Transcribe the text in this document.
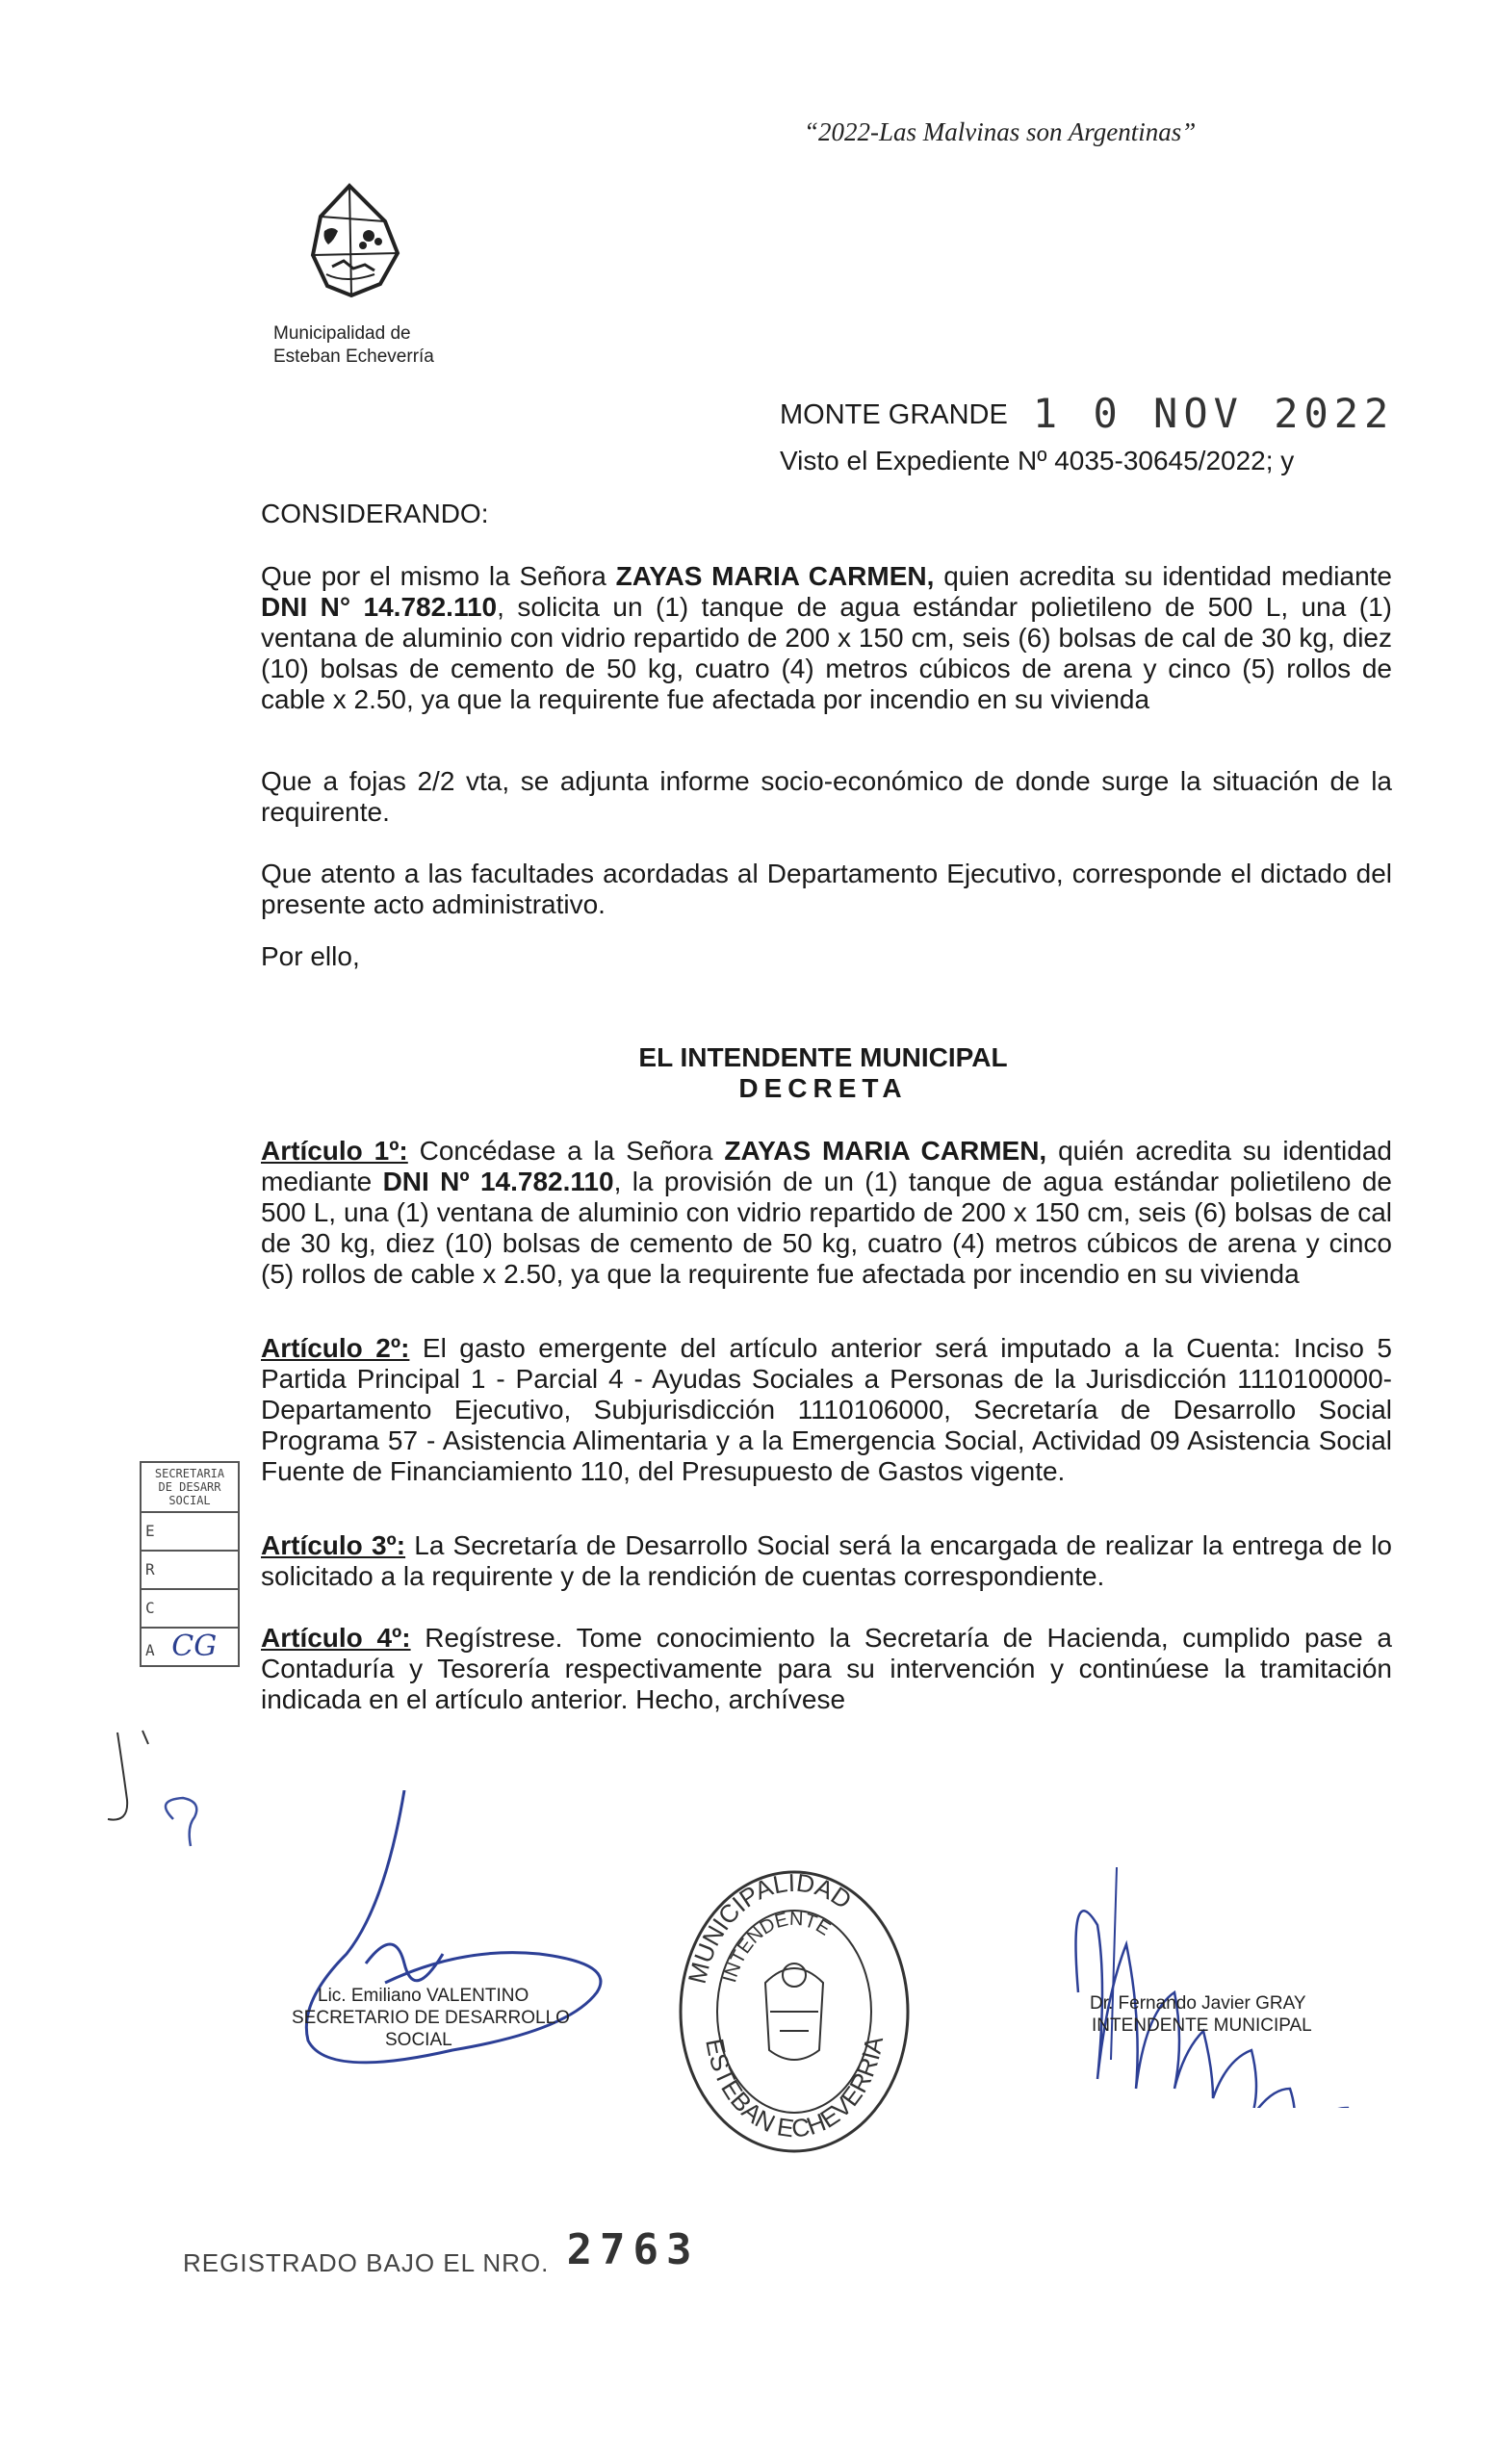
“2022-Las Malvinas son Argentinas”
Municipalidad de
Esteban Echeverría
MONTE GRANDE 1 0 NOV 2022
Visto el Expediente Nº 4035-30645/2022; y
CONSIDERANDO:
Que por el mismo la Señora ZAYAS MARIA CARMEN, quien acredita su identidad mediante DNI N° 14.782.110, solicita un (1) tanque de agua estándar polietileno de 500 L, una (1) ventana de aluminio con vidrio repartido de 200 x 150 cm, seis (6) bolsas de cal de 30 kg, diez (10) bolsas de cemento de 50 kg, cuatro (4) metros cúbicos de arena y cinco (5) rollos de cable x 2.50, ya que la requirente fue afectada por incendio en su vivienda
Que a fojas 2/2 vta, se adjunta informe socio-económico de donde surge la situación de la requirente.
Que atento a las facultades acordadas al Departamento Ejecutivo, corresponde el dictado del presente acto administrativo.
Por ello,
EL INTENDENTE MUNICIPAL
DECRETA
Artículo 1º: Concédase a la Señora ZAYAS MARIA CARMEN, quién acredita su identidad mediante DNI Nº 14.782.110, la provisión de un (1) tanque de agua estándar polietileno de 500 L, una (1) ventana de aluminio con vidrio repartido de 200 x 150 cm, seis (6) bolsas de cal de 30 kg, diez (10) bolsas de cemento de 50 kg, cuatro (4) metros cúbicos de arena y cinco (5) rollos de cable x 2.50, ya que la requirente fue afectada por incendio en su vivienda
Artículo 2º: El gasto emergente del artículo anterior será imputado a la Cuenta: Inciso 5 Partida Principal 1 - Parcial 4 - Ayudas Sociales a Personas de la Jurisdicción 1110100000-Departamento Ejecutivo, Subjurisdicción 1110106000, Secretaría de Desarrollo Social Programa 57 - Asistencia Alimentaria y a la Emergencia Social, Actividad 09 Asistencia Social Fuente de Financiamiento 110, del Presupuesto de Gastos vigente.
Artículo 3º: La Secretaría de Desarrollo Social será la encargada de realizar la entrega de lo solicitado a la requirente y de la rendición de cuentas correspondiente.
Artículo 4º: Regístrese. Tome conocimiento la Secretaría de Hacienda, cumplido pase a Contaduría y Tesorería respectivamente para su intervención y continúese la tramitación indicada en el artículo anterior. Hecho, archívese
SECRETARIA
DE DESARR
SOCIAL
E
R
C
A CG
Lic. Emiliano VALENTINO
SECRETARIO DE DESARROLLO
SOCIAL
MUNICIPALIDAD
INTENDENTE
ESTEBAN ECHEVERRIA
Dr. Fernando Javier GRAY
INTENDENTE MUNICIPAL
REGISTRADO BAJO EL NRO. 2763
